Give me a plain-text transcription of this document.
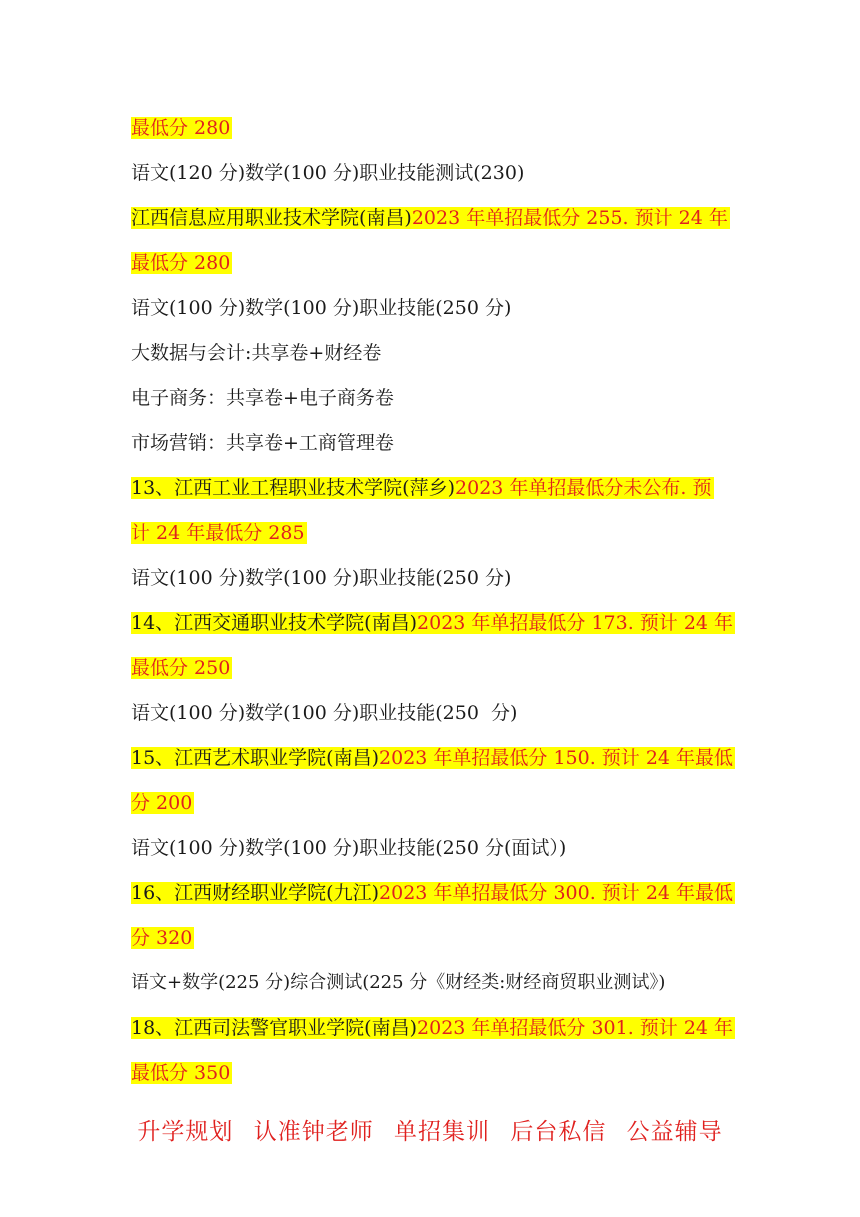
最低分 280
语文(120 分)数学(100 分)职业技能测试(230)
江西信息应用职业技术学院(南昌)2023 年单招最低分 255. 预计 24 年
最低分 280
语文(100 分)数学(100 分)职业技能(250 分)
大数据与会计:共享卷+财经卷
电子商务：共享卷+电子商务卷
市场营销：共享卷+工商管理卷
13、江西工业工程职业技术学院(萍乡)2023 年单招最低分未公布. 预
计 24 年最低分 285
语文(100 分)数学(100 分)职业技能(250 分)
14、江西交通职业技术学院(南昌)2023 年单招最低分 173. 预计 24 年
最低分 250
语文(100 分)数学(100 分)职业技能(250  分)
15、江西艺术职业学院(南昌)2023 年单招最低分 150. 预计 24 年最低
分 200
语文(100 分)数学(100 分)职业技能(250 分(面试）)
16、江西财经职业学院(九江)2023 年单招最低分 300. 预计 24 年最低
分 320
语文+数学(225 分)综合测试(225 分《财经类:财经商贸职业测试》)
18、江西司法警官职业学院(南昌)2023 年单招最低分 301. 预计 24 年
最低分 350
升学规划 认准钟老师 单招集训 后台私信 公益辅导
